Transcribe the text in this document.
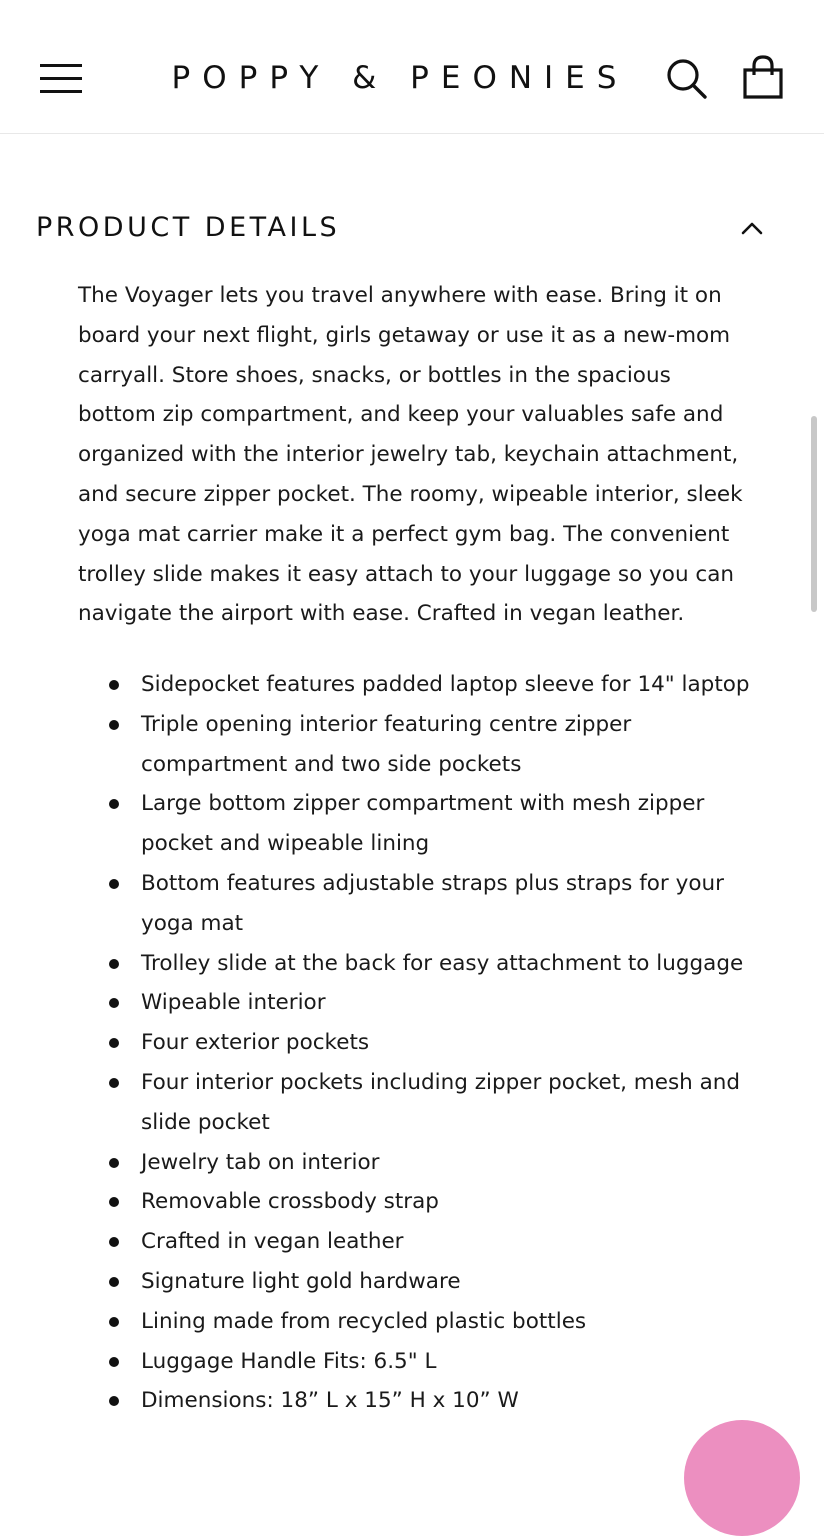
POPPY & PEONIES
PRODUCT DETAILS

The Voyager lets you travel anywhere with ease. Bring it on board your next flight, girls getaway or use it as a new-mom carryall. Store shoes, snacks, or bottles in the spacious bottom zip compartment, and keep your valuables safe and organized with the interior jewelry tab, keychain attachment, and secure zipper pocket. The roomy, wipeable interior, sleek yoga mat carrier make it a perfect gym bag. The convenient trolley slide makes it easy attach to your luggage so you can navigate the airport with ease. Crafted in vegan leather.

Sidepocket features padded laptop sleeve for 14" laptop
Triple opening interior featuring centre zipper compartment and two side pockets
Large bottom zipper compartment with mesh zipper pocket and wipeable lining
Bottom features adjustable straps plus straps for your yoga mat
Trolley slide at the back for easy attachment to luggage
Wipeable interior
Four exterior pockets
Four interior pockets including zipper pocket, mesh and slide pocket
Jewelry tab on interior
Removable crossbody strap
Crafted in vegan leather
Signature light gold hardware
Lining made from recycled plastic bottles
Luggage Handle Fits: 6.5" L
Dimensions: 18” L x 15” H x 10” W
